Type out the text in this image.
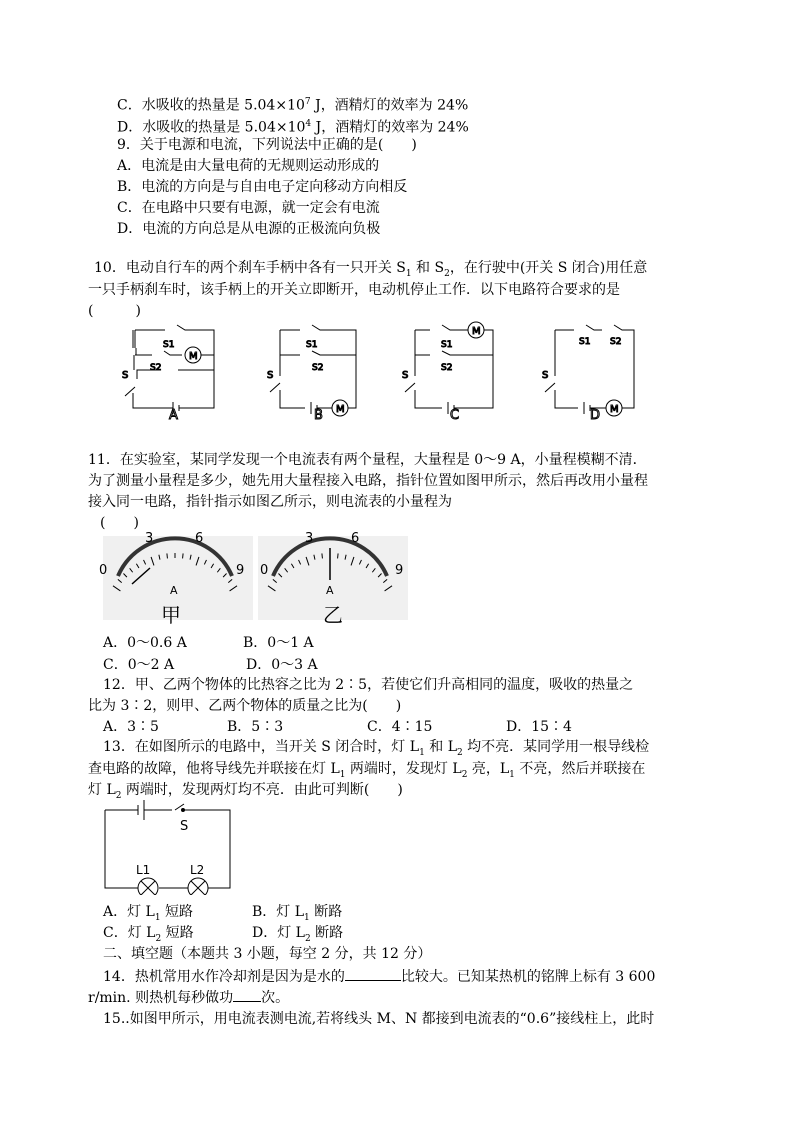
C．水吸收的热量是 $5.04\times 10^7$ J，酒精灯的效率为 24%
D．水吸收的热量是 $5.04\times 10^4$ J，酒精灯的效率为 24%
9．关于电源和电流，下列说法中正确的是(　　)
A．电流是由大量电荷的无规则运动形成的
B．电流的方向是与自由电子定向移动方向相反
C．在电路中只要有电源，就一定会有电流
D．电流的方向总是从电源的正极流向负极
10．电动自行车的两个刹车手柄中各有一只开关 $S_1$ 和 $S_2$，在行驶中(开关 S 闭合)用任意
一只手柄刹车时，该手柄上的开关立即断开，电动机停止工作．以下电路符合要求的是
(　　　)
S1
S2
S
M
A
S1
S2
S
M
B
S1
S2
S
M
C
S1 S2
S
M
D
11．在实验室，某同学发现一个电流表有两个量程，大量程是 0～9 A，小量程模糊不清．
为了测量小量程是多少，她先用大量程接入电路，指针位置如图甲所示，然后再改用小量程
接入同一电路，指针指示如图乙所示，则电流表的小量程为
(　　)
0
3	6
9
A
甲
0
3	6
9
A
乙
A．0～0.6 A	B．0～1 A
C．0～2 A	D．0～3 A
12．甲、乙两个物体的比热容之比为 2∶5，若使它们升高相同的温度，吸收的热量之
比为 3∶2，则甲、乙两个物体的质量之比为(　　)
A．3∶5	B．5∶3	C．4∶15	D．15∶4
13．在如图所示的电路中，当开关 S 闭合时，灯 $L_1$ 和 $L_2$ 均不亮．某同学用一根导线检
查电路的故障，他将导线先并联接在灯 $L_1$ 两端时，发现灯 $L_2$ 亮，$L_1$ 不亮，然后并联接在
灯 $L_2$ 两端时，发现两灯均不亮．由此可判断(　　)
S
L1	L2
A．灯 $L_1$ 短路	B．灯 $L_1$ 断路
C．灯 $L_2$ 短路	D．灯 $L_2$ 断路
二、填空题（本题共 3 小题，每空 2 分，共 12 分）
14．热机常用水作冷却剂是因为是水的	比较大。已知某热机的铭牌上标有 3 600
r/min. 则热机每秒做功 次。
15..如图甲所示，用电流表测电流,若将线头 M、N 都接到电流表的“0.6”接线柱上，此时
